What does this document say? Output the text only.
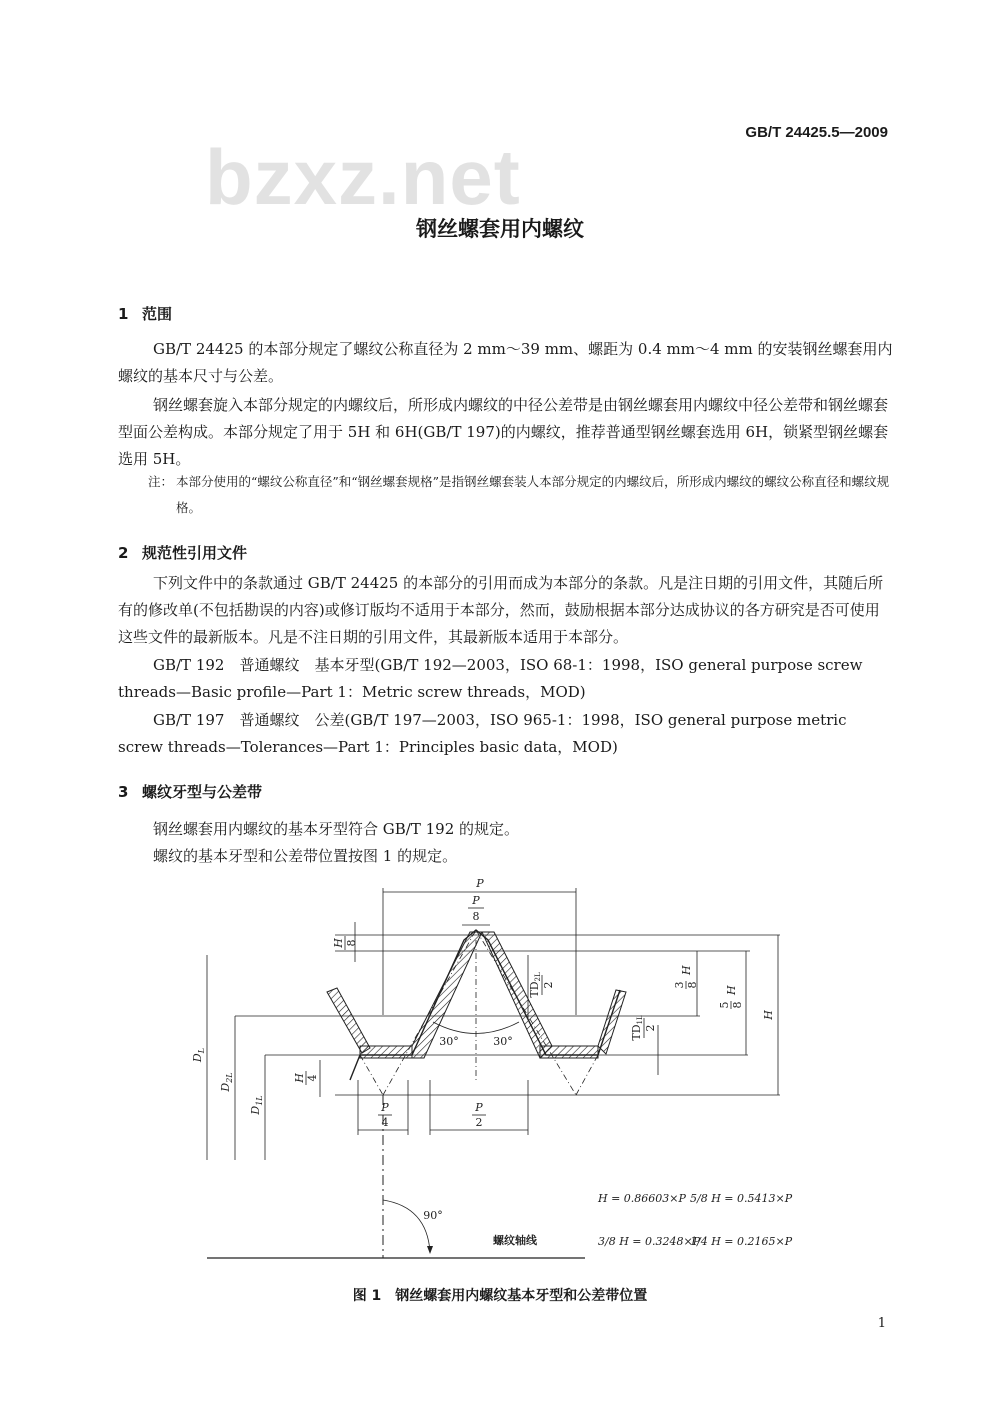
GB/T 24425.5—2009
bzxz.net
钢丝螺套用内螺纹
1 范围
GB/T 24425 的本部分规定了螺纹公称直径为 2 mm～39 mm、螺距为 0.4 mm～4 mm 的安装钢丝螺套用内螺纹的基本尺寸与公差。
钢丝螺套旋入本部分规定的内螺纹后，所形成内螺纹的中径公差带是由钢丝螺套用内螺纹中径公差带和钢丝螺套型面公差构成。本部分规定了用于 5H 和 6H(GB/T 197)的内螺纹，推荐普通型钢丝螺套选用 6H，锁紧型钢丝螺套选用 5H。
注： 本部分使用的“螺纹公称直径”和“钢丝螺套规格”是指钢丝螺套装人本部分规定的内螺纹后，所形成内螺纹的螺纹公称直径和螺纹规格。
2 规范性引用文件
下列文件中的条款通过 GB/T 24425 的本部分的引用而成为本部分的条款。凡是注日期的引用文件，其随后所有的修改单(不包括勘误的内容)或修订版均不适用于本部分，然而，鼓励根据本部分达成协议的各方研究是否可使用这些文件的最新版本。凡是不注日期的引用文件，其最新版本适用于本部分。
GB/T 192　普通螺纹　基本牙型(GB/T 192—2003，ISO 68-1：1998，ISO general purpose screw threads—Basic profile—Part 1：Metric screw threads，MOD)
GB/T 197　普通螺纹　公差(GB/T 197—2003，ISO 965-1：1998，ISO general purpose metric screw threads—Tolerances—Part 1：Principles basic data，MOD)
3 螺纹牙型与公差带
钢丝螺套用内螺纹的基本牙型符合 GB/T 192 的规定。
螺纹的基本牙型和公差带位置按图 1 的规定。
P
P
8
H 8
H 4
$D_L$
$D_{2L}$
$D_{1L}$
30°	30°
TD2L
2
TD1L
2
3 8
H
5 8
H
H
P
4
P
2
90°
螺纹轴线
H = 0.86603×P 5/8 H = 0.5413×P
3/8 H = 0.3248×P
1/4 H = 0.2165×P
图 1　钢丝螺套用内螺纹基本牙型和公差带位置
1
